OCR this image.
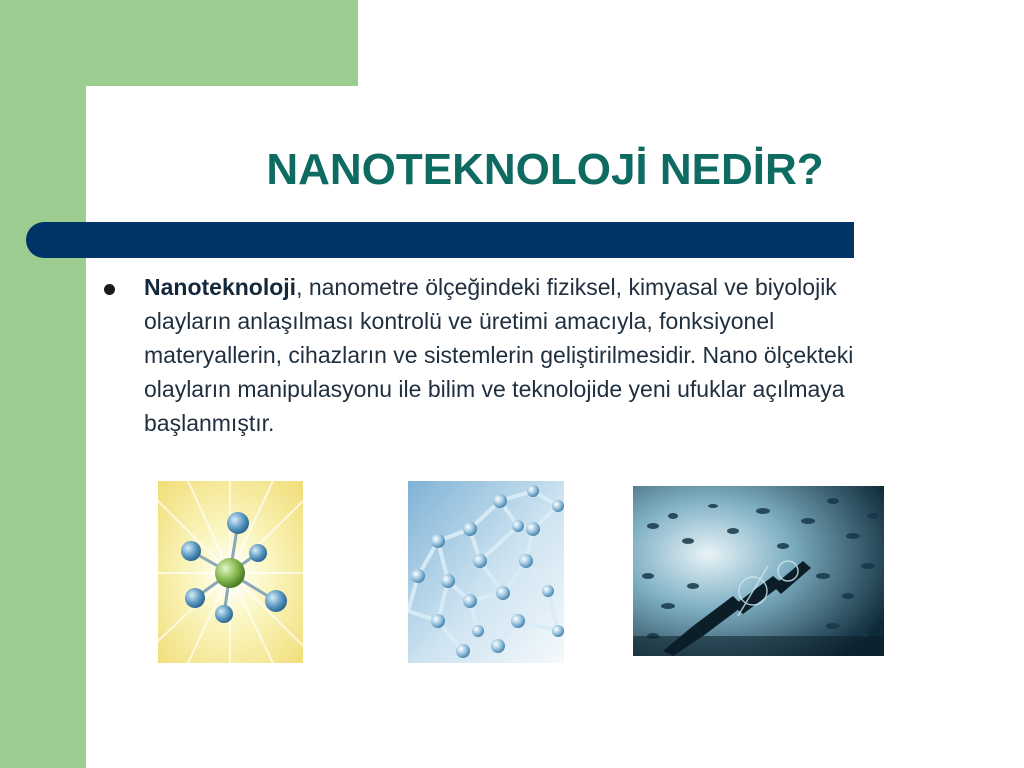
NANOTEKNOLOJİ NEDİR?
Nanoteknoloji, nanometre ölçeğindeki fiziksel, kimyasal ve biyolojik olayların anlaşılması kontrolü ve üretimi amacıyla, fonksiyonel materyallerin, cihazların ve sistemlerin geliştirilmesidir. Nano ölçekteki olayların manipulasyonu ile bilim ve teknolojide yeni ufuklar açılmaya başlanmıştır.
